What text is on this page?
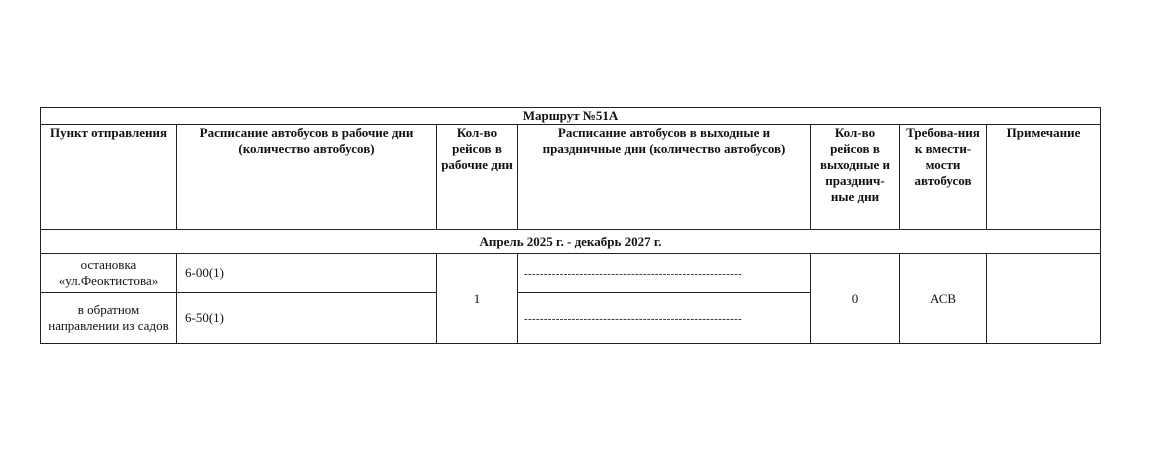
Маршрут №51А						
Пункт отправления	Расписание автобусов в рабочие дни (количество автобусов)	Кол-во рейсов в рабочие дни	Расписание автобусов в выходные и праздничные дни (количество автобусов)	Кол-во рейсов в выходные и празднич-ные дни	Требова-ния к вмести-мости автобусов	Примечание
Апрель 2025 г. - декабрь 2027 г.						
остановка «ул.Феоктистова»	6-00(1)	1	-------------------------------------------------------	0	АСВ	
в обратном направлении из садов	6-50(1)		-------------------------------------------------------			
